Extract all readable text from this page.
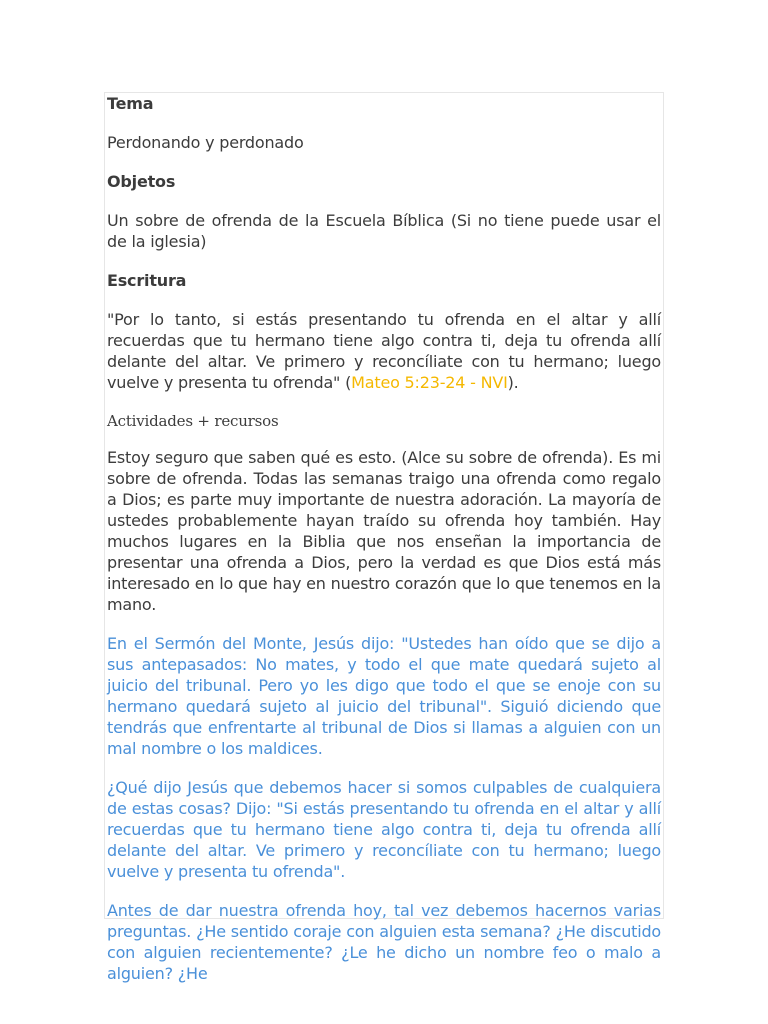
Tema

Perdonando y perdonado

Objetos

Un sobre de ofrenda de la Escuela Bíblica (Si no tiene puede usar el de la iglesia)

Escritura

"Por lo tanto, si estás presentando tu ofrenda en el altar y allí recuerdas que tu hermano tiene algo contra ti, deja tu ofrenda allí delante del altar. Ve primero y reconcíliate con tu hermano; luego vuelve y presenta tu ofrenda" (Mateo 5:23-24 - NVI).

Actividades + recursos

Estoy seguro que saben qué es esto. (Alce su sobre de ofrenda). Es mi sobre de ofrenda. Todas las semanas traigo una ofrenda como regalo a Dios; es parte muy importante de nuestra adoración. La mayoría de ustedes probablemente hayan traído su ofrenda hoy también. Hay muchos lugares en la Biblia que nos enseñan la importancia de presentar una ofrenda a Dios, pero la verdad es que Dios está más interesado en lo que hay en nuestro corazón que lo que tenemos en la mano.

En el Sermón del Monte, Jesús dijo: "Ustedes han oído que se dijo a sus antepasados: No mates, y todo el que mate quedará sujeto al juicio del tribunal. Pero yo les digo que todo el que se enoje con su hermano quedará sujeto al juicio del tribunal". Siguió diciendo que tendrás que enfrentarte al tribunal de Dios si llamas a alguien con un mal nombre o los maldices.

¿Qué dijo Jesús que debemos hacer si somos culpables de cualquiera de estas cosas? Dijo: "Si estás presentando tu ofrenda en el altar y allí recuerdas que tu hermano tiene algo contra ti, deja tu ofrenda allí delante del altar. Ve primero y reconcíliate con tu hermano; luego vuelve y presenta tu ofrenda".

Antes de dar nuestra ofrenda hoy, tal vez debemos hacernos varias preguntas. ¿He sentido coraje con alguien esta semana? ¿He discutido con alguien recientemente? ¿Le he dicho un nombre feo o malo a alguien? ¿He
